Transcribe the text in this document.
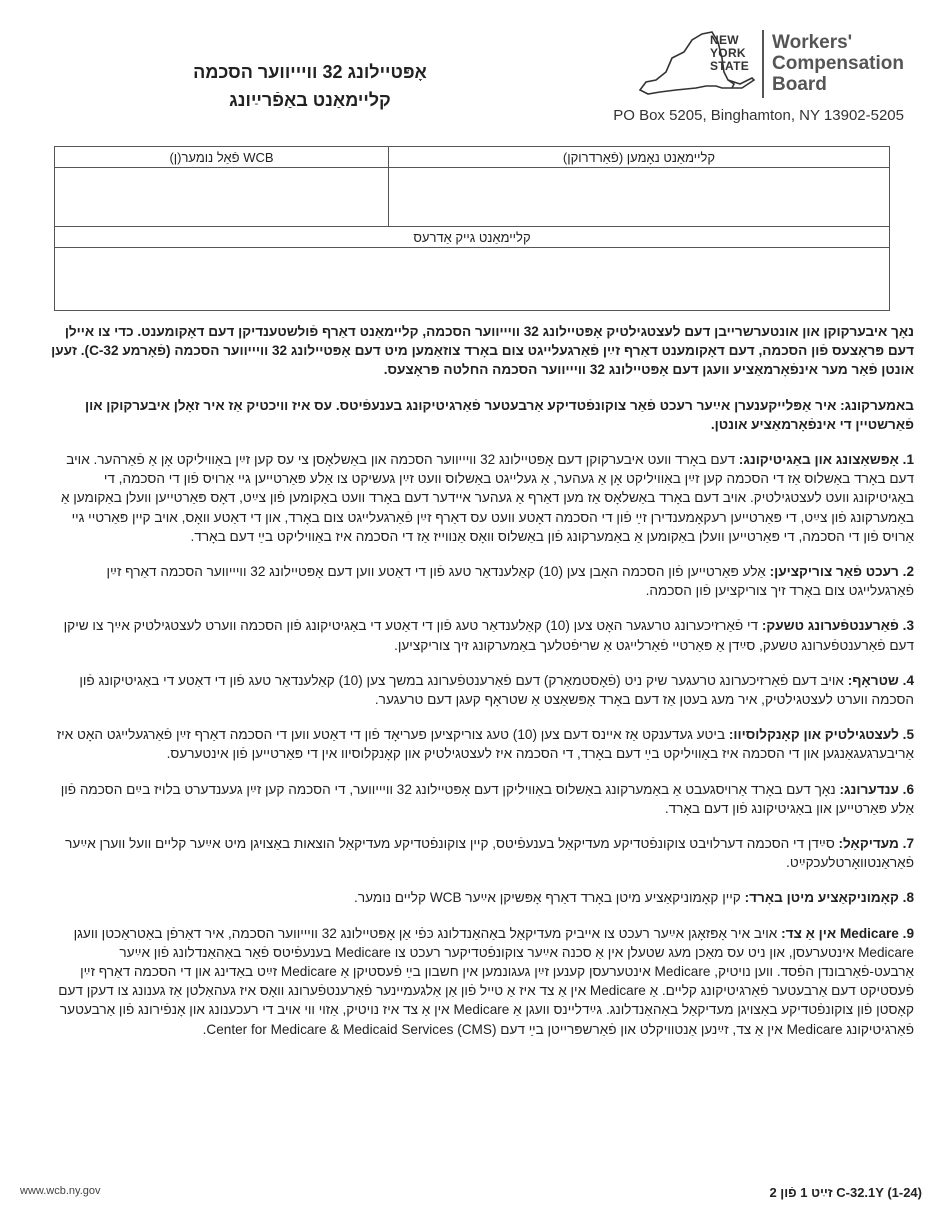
אָפּטיילונג 32 וויייווער הסכמה
קליימאַנט באַפֿרײַונג
NEW
YORK
STATE
Workers'
Compensation
Board
PO Box 5205, Binghamton, NY 13902-5205
קליימאַנט נאָמען (פֿאַרדרוקן)	WCB פֿאַל נומער(ן)

קליימאַנט גייק אַדרעס	

נאָך איבערקוקן און אונטערשרייבן דעם לעצטגילטיק אָפּטיילונג 32 וויייווער הסכמה, קליימאַנט דאַרף פֿולשטענדיקן דעם דאָקומענט. כדי צו איילן דעם פּראָצעס פֿון הסכמה, דעם דאָקומענט דאַרף זײַן פֿאַרגעלייגט צום באָרד צוזאַמען מיט דעם אָפּטיילונג 32 וויייווער הסכמה (פֿאָרמע C-32). זעען אונטן פֿאַר מער אינפֿאָרמאַציע וועגן דעם אָפּטיילונג 32 וויייווער הסכמה החלטה פּראָצעס.

באמערקונג: איר אַפּלייקענערן אײַער רעכט פֿאַר צוקונפֿטדיקע אַרבעטער פֿאַרגיטיקונג בענעפֿיטס. עס איז וויכטיק אַז איר זאָלן איבערקוקן און פֿאַרשטיין די אינפֿאָרמאַציע אונטן.

1. אָפּשאַצונג און באַגיטיקונג: דעם באָרד וועט איבערקוקן דעם אָפּטיילונג 32 וויייווער הסכמה און באַשלאָסן צי עס קען זײַן באַוויליקט אָן אַ פֿאַרהער. אויב דעם באָרד באַשלוס אַז די הסכמה קען זײַן באַוויליקט אָן אַ געהער, אַ געלייגט באַשלוס וועט זײַן געשיקט צו אַלע פּאַרטייען גיי אַרויס פֿון די הסכמה, די באַגיטיקונג וועט לעצטגילטיק. אויב דעם באָרד באַשלאָס אַז מען דאַרף אַ געהער איידער דעם באָרד וועט באַקומען פֿון צײַט, דאָס פּאַרטייען וועלן באַקומען אַ באַמערקונג פֿון צײַט, די פּאַרטייען רעקאָמענדירן זײַ פֿון די הסכמה דאָטע וועט עס דאַרף זײַן פֿאַרגעלייגט צום באָרד, און די דאַטע וואָס, אויב קיין פּאַרטיי גיי אַרויס פֿון די הסכמה, די פּאַרטייען וועלן באַקומען אַ באַמערקונג פֿון באַשלוס וואָס אַנווייז אַז די הסכמה איז באַוויליקט בײַ דעם באָרד.

2. רעכט פֿאַר צוריקציען: אַלע פּאַרטייען פֿון הסכמה האָבן צען (10) קאַלענדאַר טעג פֿון די דאַטע ווען דעם אָפּטיילונג 32 וויייווער הסכמה דאַרף זײַן פֿאַרגעלייגט צום באָרד זיך צוריקציען פֿון הסכמה.

3. פֿאַרענטפֿערונג טשעק: די פֿאַרזיכערונג טרעגער האָט צען (10) קאַלענדאַר טעג פֿון די דאַטע די באַגיטיקונג פֿון הסכמה ווערט לעצטגילטיק אײַך צו שיקן דעם פֿאַרענטפֿערונג טשעק, סײַדן אַ פּאַרטיי פֿאַרלייגט אַ שריפֿטלעך באַמערקונג זיך צוריקציען.

4. שטראָף: אויב דעם פֿאַרזיכערונג טרעגער שיק ניט (פֿאָסטמאַרק) דעם פֿאַרענטפֿערונג במשך צען (10) קאַלענדאַר טעג פֿון די דאַטע די באַגיטיקונג פֿון הסכמה ווערט לעצטגילטיק, איר מעג בעטן אַז דעם באָרד אָפּשאַצט אַ שטראָף קעגן דעם טרעגער.

5. לעצטגילטיק און קאָנקלוסיוו: ביטע געדענקט אַז איינס דעם צען (10) טעג צוריקציען פעריאָד פֿון די דאַטע ווען די הסכמה דאַרף זײַן פֿאַרגעלייגט האָט איז אַריבערגעגאַנגען און די הסכמה איז באַוויליקט בײַ דעם באָרד, די הסכמה איז לעצטגילטיק און קאָנקלוסיוו אין די פּאַרטייען פֿון אינטערעס.

6. ענדערונג: נאָך דעם באָרד אַרויסגעבט אַ באַמערקונג באַשלוס באַוויליקן דעם אָפּטיילונג 32 וויייווער, די הסכמה קען זײַן געענדערט בלויז בײַם הסכמה פֿון אַלע פּאַרטייען און באַגיטיקונג פֿון דעם באָרד.

7. מעדיקאַל: סײַדן די הסכמה דערלויבט צוקונפֿטדיקע מעדיקאַל בענעפֿיטס, קיין צוקונפֿטדיקע מעדיקאַל הוצאות באַצויגן מיט אײַער קליים וועל ווערן אײַער פֿאַראַנטוואָרטלעכקײַט.

8. קאָמוניקאַציע מיטן באָרד: קיין קאָמוניקאַציע מיטן באָרד דאַרף אָפּשיקן אײַער WCB קליים נומער.

9. Medicare אין אַ צד: אויב איר אָפּזאָגן אײַער רעכט צו אייביק מעדיקאַל באַהאַנדלונג כּפֿי אַן אָפּטיילונג 32 וויייווער הסכמה, איר דאַרפֿן באַטראַכטן וועגן Medicare אינטערעסן, און ניט עס מאַכן מעג שטעלן אין אַ סכנה אײַער צוקונפֿטדיקער רעכט צו Medicare בענעפֿיטס פֿאַר באַהאַנדלונג פֿון אײַער אַרבעט-פֿאַרבונדן הפֿסד. ווען נויטיק, Medicare אינטערעסן קענען זײַן געגונמען אין חשבון בײַ פֿעסטיקן אַ Medicare זײַט באַדינג און די הסכמה דאַרף זײַן פֿעסטיקט דעם אַרבעטער פֿאַרגיטיקונג קליים. אַ Medicare אין אַ צד איז אַ טייל פֿון אַן אַלגעמיינער פֿאַרענטפֿערונג וואָס איז געהאַלטן אַז גענונג צו דעקן דעם קאָסטן פֿון צוקונפֿטדיקע באַצויגן מעדיקאַל באַהאַנדלונג. גײַדליינס וועגן אַ Medicare אין אַ צד איז נויטיק, אַזוי ווי אויב די רעכענונג און אָנפֿירונג פֿון אַרבעטער פֿאַרגיטיקונג Medicare אין אַ צד, זײַנען אַנטוויקלט און פֿאַרשפּרייטן בײַ דעם Center for Medicare & Medicaid Services (CMS).

www.wcb.ny.gov	C-32.1Y (1-24) זײַט 1 פֿון 2
